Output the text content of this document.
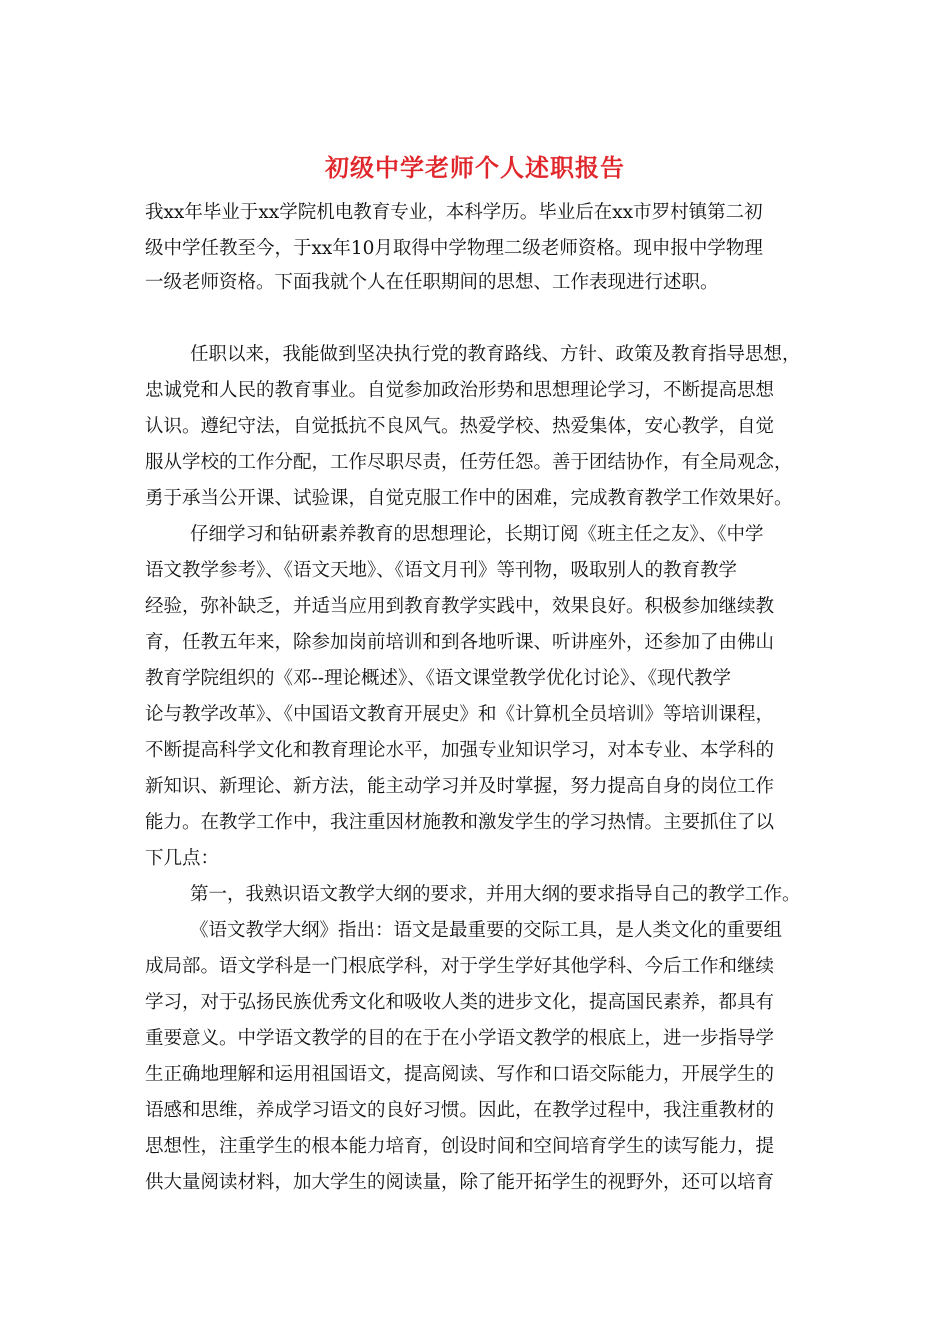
初级中学老师个人述职报告
我xx年毕业于xx学院机电教育专业，本科学历。毕业后在xx市罗村镇第二初
级中学任教至今，于xx年10月取得中学物理二级老师资格。现申报中学物理
一级老师资格。下面我就个人在任职期间的思想、工作表现进行述职。
任职以来，我能做到坚决执行党的教育路线、方针、政策及教育指导思想，
忠诚党和人民的教育事业。自觉参加政治形势和思想理论学习，不断提高思想
认识。遵纪守法，自觉抵抗不良风气。热爱学校、热爱集体，安心教学，自觉
服从学校的工作分配，工作尽职尽责，任劳任怨。善于团结协作，有全局观念，
勇于承当公开课、试验课，自觉克服工作中的困难，完成教育教学工作效果好。
仔细学习和钻研素养教育的思想理论，长期订阅《班主任之友》、《中学
语文教学参考》、《语文天地》、《语文月刊》等刊物，吸取别人的教育教学
经验，弥补缺乏，并适当应用到教育教学实践中，效果良好。积极参加继续教
育，任教五年来，除参加岗前培训和到各地听课、听讲座外，还参加了由佛山
教育学院组织的《邓--理论概述》、《语文课堂教学优化讨论》、《现代教学
论与教学改革》、《中国语文教育开展史》和《计算机全员培训》等培训课程，
不断提高科学文化和教育理论水平，加强专业知识学习，对本专业、本学科的
新知识、新理论、新方法，能主动学习并及时掌握，努力提高自身的岗位工作
能力。在教学工作中，我注重因材施教和激发学生的学习热情。主要抓住了以
下几点：
第一，我熟识语文教学大纲的要求，并用大纲的要求指导自己的教学工作。
《语文教学大纲》指出：语文是最重要的交际工具，是人类文化的重要组
成局部。语文学科是一门根底学科，对于学生学好其他学科、今后工作和继续
学习，对于弘扬民族优秀文化和吸收人类的进步文化，提高国民素养，都具有
重要意义。中学语文教学的目的在于在小学语文教学的根底上，进一步指导学
生正确地理解和运用祖国语文，提高阅读、写作和口语交际能力，开展学生的
语感和思维，养成学习语文的良好习惯。因此，在教学过程中，我注重教材的
思想性，注重学生的根本能力培育，创设时间和空间培育学生的读写能力，提
供大量阅读材料，加大学生的阅读量，除了能开拓学生的视野外，还可以培育
